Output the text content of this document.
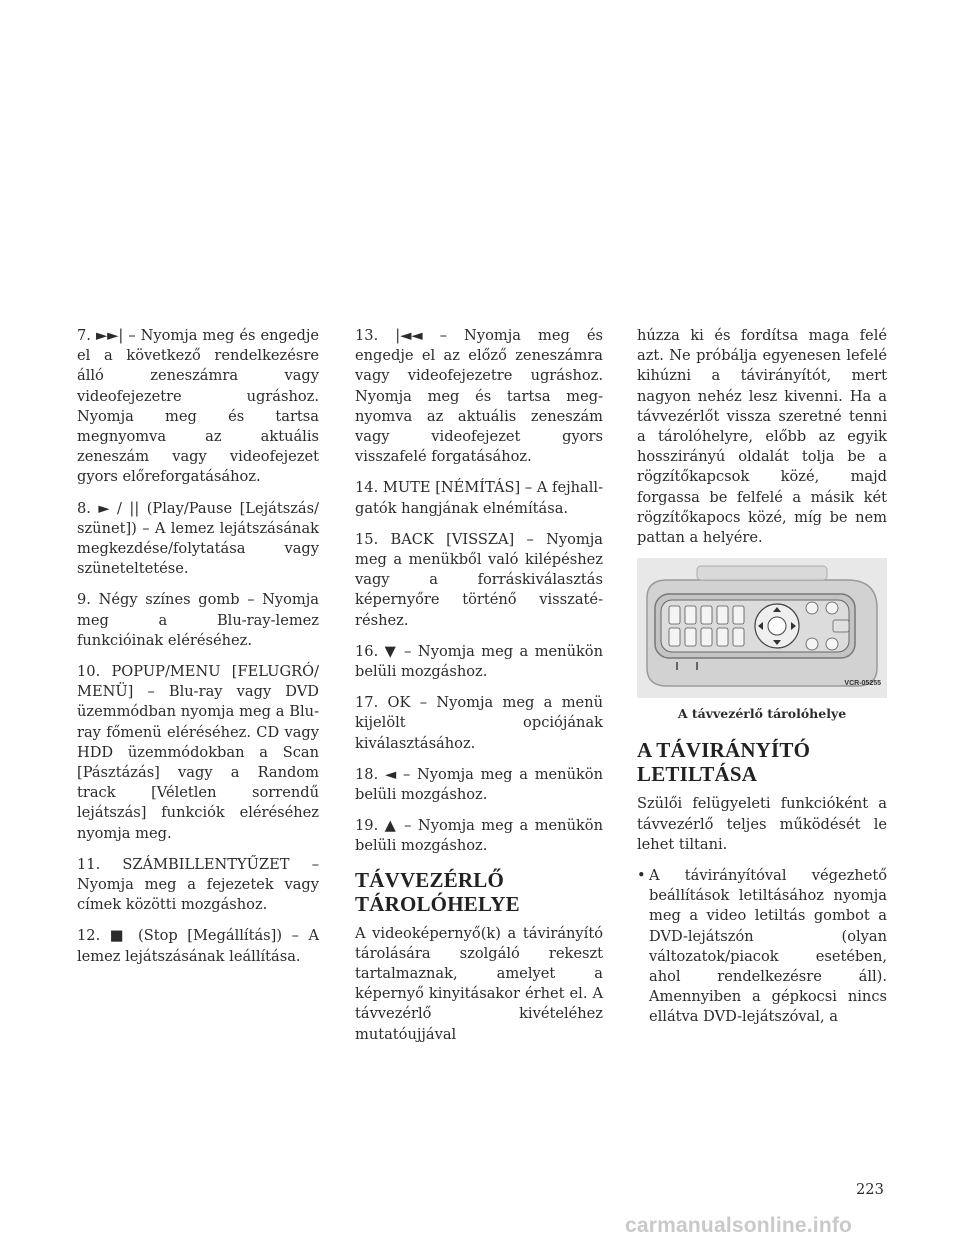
7. ►►| – Nyomja meg és engedje el a következő rendelkezésre álló zeneszámra vagy videofejezetre ugráshoz. Nyomja meg és tartsa megnyomva az aktuális zeneszám vagy videofejezet gyors előreforgatásához.

8. ► / || (Play/Pause [Lejátszás/ szünet]) – A lemez lejátszásának megkezdése/folytatása vagy szüneteltetése.

9. Négy színes gomb – Nyomja meg a Blu-ray-lemez funkcióinak eléréséhez.

10. POPUP/MENU [FELUGRÓ/ MENÜ] – Blu-ray vagy DVD üzemmódban nyomja meg a Blu-ray főmenü eléréséhez. CD vagy HDD üzemmódokban a Scan [Pásztázás] vagy a Random track [Véletlen sorrendű lejátszás] funkciók eléréséhez nyomja meg.

11. SZÁMBILLENTYŰZET – Nyomja meg a fejezetek vagy címek közötti mozgáshoz.

12. ■ (Stop [Megállítás]) – A lemez lejátszásának leállítása.

13. |◄◄ – Nyomja meg és engedje el az előző zeneszámra vagy videofejezetre ugráshoz. Nyomja meg és tartsa megnyomva az aktuális zeneszám vagy videofejezet gyors visszafelé forgatásához.

14. MUTE [NÉMÍTÁS] – A fejhallgatók hangjának elnémítása.

15. BACK [VISSZA] – Nyomja meg a menükből való kilépéshez vagy a forráskiválasztás képernyőre történő visszatéréshez.

16. ▼ – Nyomja meg a menükön belüli mozgáshoz.

17. OK – Nyomja meg a menü kijelölt opciójának kiválasztásához.

18. ◄ – Nyomja meg a menükön belüli mozgáshoz.

19. ▲ – Nyomja meg a menükön belüli mozgáshoz.

TÁVVEZÉRLŐ TÁROLÓHELYE

A videoképernyő(k) a távirányító tárolására szolgáló rekeszt tartalmaznak, amelyet a képernyő kinyitásakor érhet el. A távvezérlő kivételéhez mutatóujjával

húzza ki és fordítsa maga felé azt. Ne próbálja egyenesen lefelé kihúzni a távirányítót, mert nagyon nehéz lesz kivenni. Ha a távvezérlőt vissza szeretné tenni a tárolóhelyre, előbb az egyik hosszirányú oldalát tolja be a rögzítőkapcsok közé, majd forgassa be felfelé a másik két rögzítőkapocs közé, míg be nem pattan a helyére.

VCR-05255
A távvezérlő tárolóhelye
A TÁVIRÁNYÍTÓ LETILTÁSA

Szülői felügyeleti funkcióként a távvezérlő teljes működését le lehet tiltani.

• A távirányítóval végezhető beállítások letiltásához nyomja meg a video letiltás gombot a DVD-lejátszón (olyan változatok/piacok esetében, ahol rendelkezésre áll). Amennyiben a gépkocsi nincs ellátva DVD-lejátszóval, a
223
carmanualsonline.info
